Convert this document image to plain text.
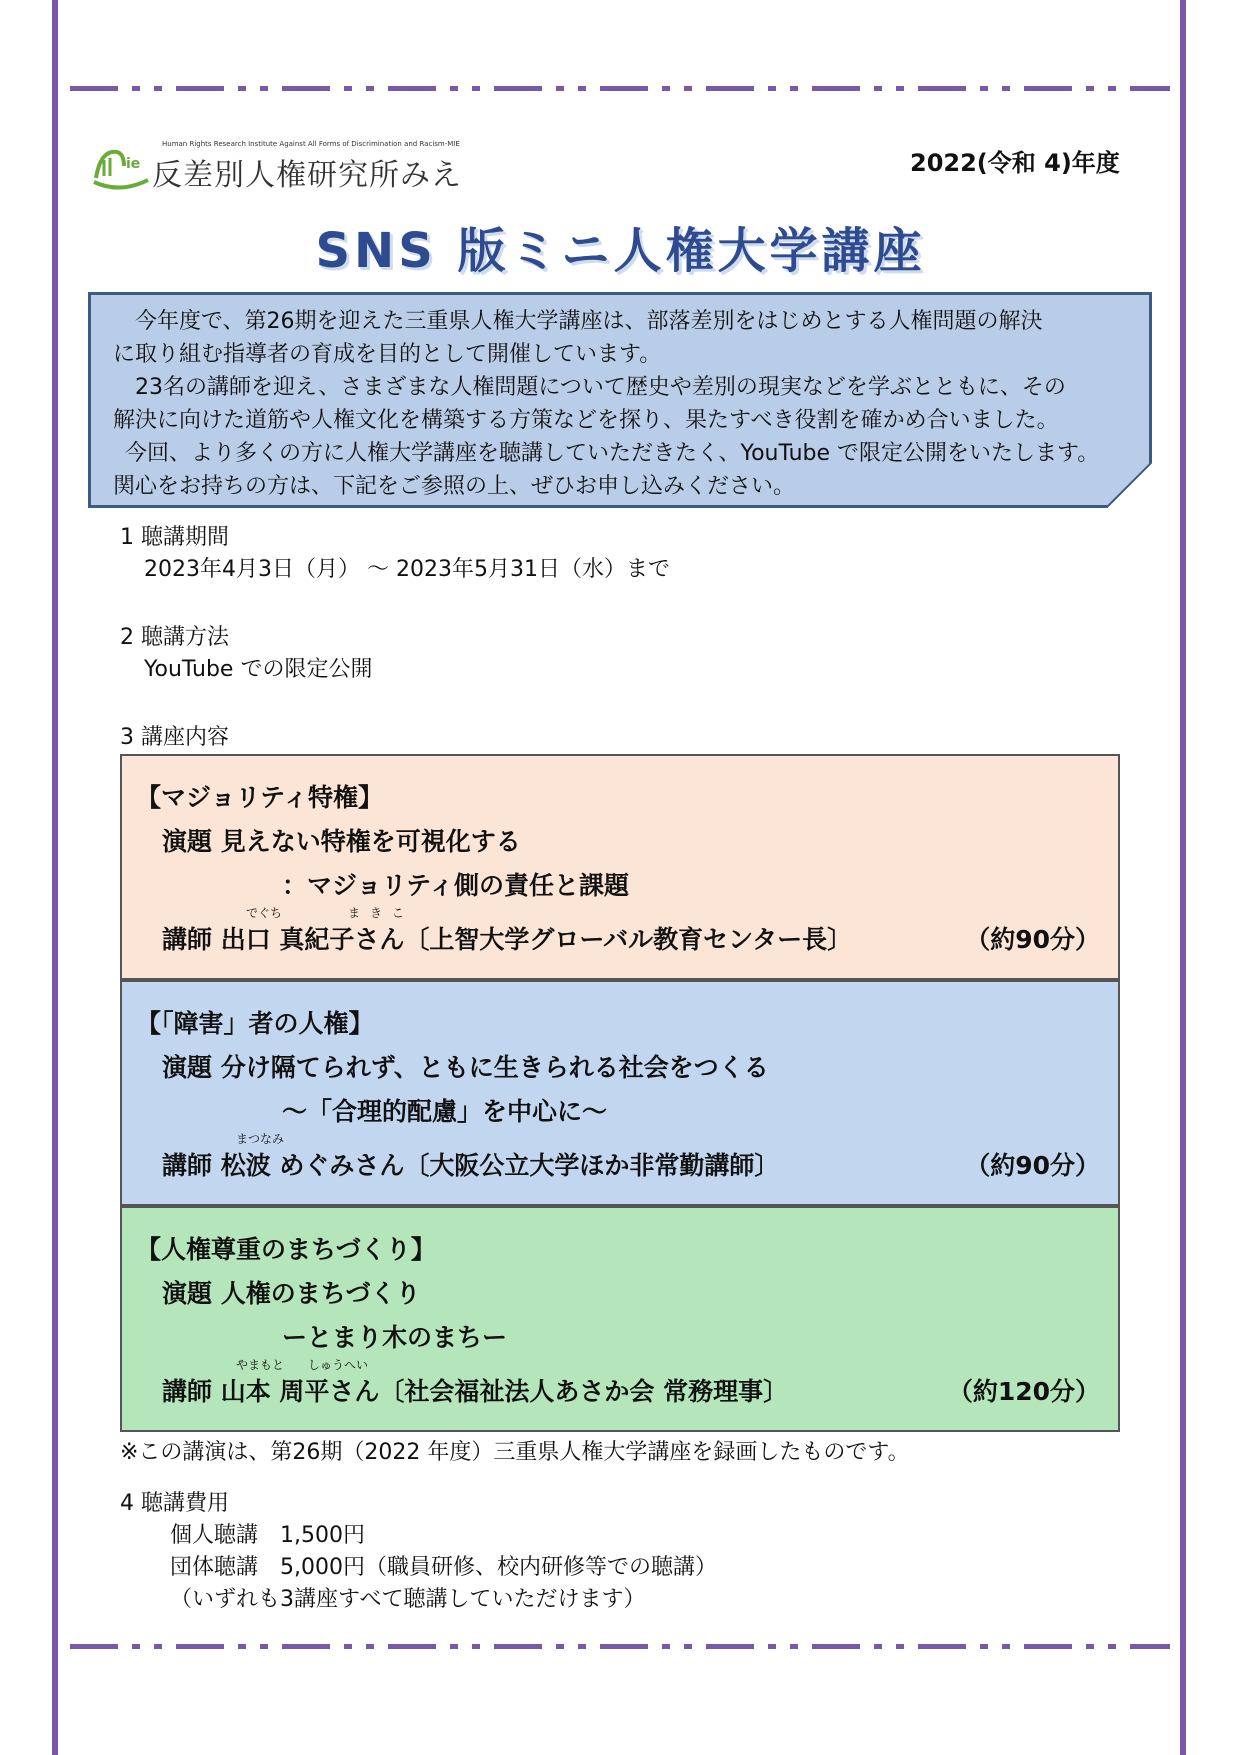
ie
Human Rights Research Institute Against All Forms of Discrimination and Racism-MIE
反差別人権研究所みえ	2022(令和 4)年度
SNS 版ミニ人権大学講座

今年度で、第26期を迎えた三重県人権大学講座は、部落差別をはじめとする人権問題の解決

に取り組む指導者の育成を目的として開催しています。

23名の講師を迎え、さまざまな人権問題について歴史や差別の現実などを学ぶとともに、その

解決に向けた道筋や人権文化を構築する方策などを探り、果たすべき役割を確かめ合いました。

今回、より多くの方に人権大学講座を聴講していただきたく、YouTube で限定公開をいたします。

関心をお持ちの方は、下記をご参照の上、ぜひお申し込みください。

1 聴講期間
2023年4月3日（月） ～ 2023年5月31日（水）まで
2 聴講方法
YouTube での限定公開
3 講座内容
【マジョリティ特権】
演題 見えない特権を可視化する
：マジョリティ側の責任と課題
でぐち	まきこ
講師 出口 真紀子さん〔上智大学グローバル教育センター長〕	（約90分）
【「障害」者の人権】
演題 分け隔てられず、ともに生きられる社会をつくる
～「合理的配慮」を中心に～
まつなみ
講師 松波 めぐみさん〔大阪公立大学ほか非常勤講師〕	（約90分）
【人権尊重のまちづくり】
演題 人権のまちづくり
ーとまり木のまちー
やまもと しゅうへい
講師 山本 周平さん〔社会福祉法人あさか会 常務理事〕	（約120分）
※この講演は、第26期（2022 年度）三重県人権大学講座を録画したものです。
4 聴講費用
個人聴講　1,500円
団体聴講　5,000円（職員研修、校内研修等での聴講）
（いずれも3講座すべて聴講していただけます）
